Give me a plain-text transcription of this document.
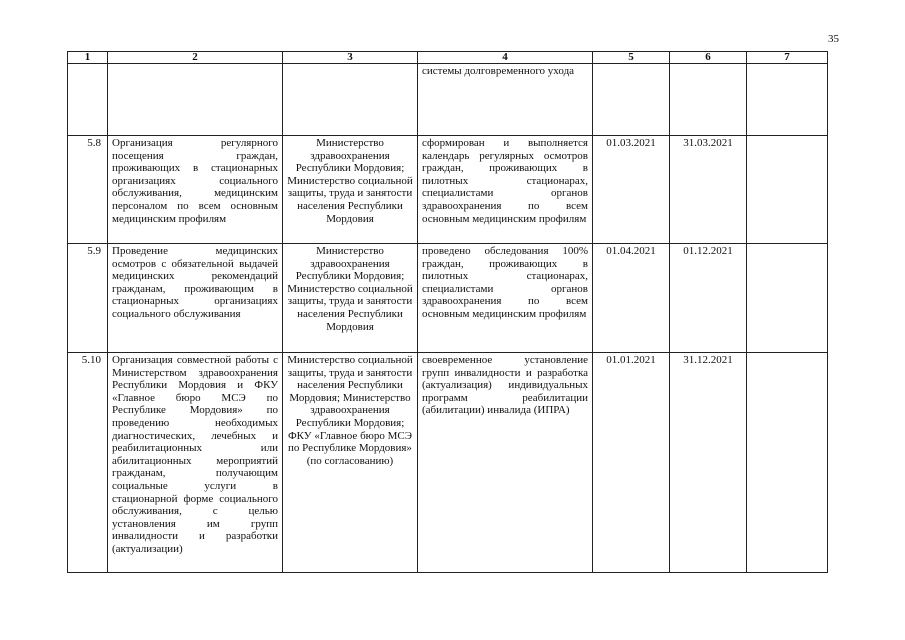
35
1	2	3	4	5	6	7
			системы долговременного ухода			
5.8	Организация регулярного посещения граждан, проживающих в стационарных организациях социального обслуживания, медицинским персоналом по всем основным медицинским профилям	Министерство здравоохранения Республики Мордовия; Министерство социальной защиты, труда и занятости населения Республики Мордовия	сформирован и выполняется календарь регулярных осмотров граждан, проживающих в пилотных стационарах, специалистами органов здравоохранения по всем основным медицинским профилям	01.03.2021	31.03.2021	
5.9	Проведение медицинских осмотров с обязательной выдачей медицинских рекомендаций гражданам, проживающим в стационарных организациях социального обслуживания	Министерство здравоохранения Республики Мордовия; Министерство социальной защиты, труда и занятости населения Республики Мордовия	проведено обследования 100% граждан, проживающих в пилотных стационарах, специалистами органов здравоохранения по всем основным медицинским профилям	01.04.2021	01.12.2021	
5.10	Организация совместной работы с Министерством здравоохранения Республики Мордовия и ФКУ «Главное бюро МСЭ по Республике Мордовия» по проведению необходимых диагностических, лечебных и реабилитационных или абилитационных мероприятий гражданам, получающим социальные услуги в стационарной форме социального обслуживания, с целью установления им групп инвалидности и разработки (актуализации)	Министерство социальной защиты, труда и занятости населения Республики Мордовия; Министерство здравоохранения Республики Мордовия; ФКУ «Главное бюро МСЭ по Республике Мордовия» (по согласованию)	своевременное установление групп инвалидности и разработка (актуализация) индивидуальных программ реабилитации (абилитации) инвалида (ИПРА)	01.01.2021	31.12.2021	
